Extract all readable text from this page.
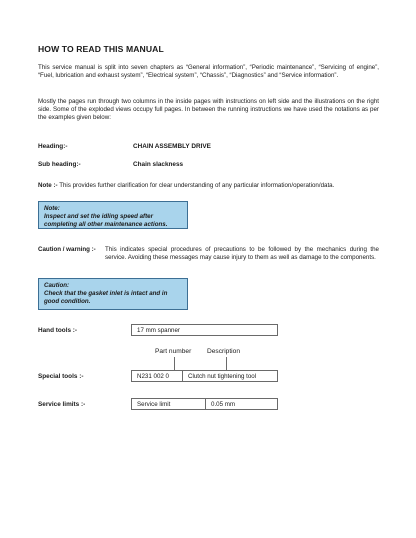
HOW TO READ THIS MANUAL

This service manual is split into seven chapters as “General information”, “Periodic maintenance”, “Servicing of engine”, “Fuel, lubrication and exhaust system”, “Electrical system”, “Chassis”, “Diagnostics” and “Service information”.

Mostly the pages run through two columns in the inside pages with instructions on left side and the illustrations on the right side. Some of the exploded views occupy full pages. In between the running instructions we have used the notations as per the examples given below:

Heading:-	CHAIN ASSEMBLY DRIVE
Sub heading:-	Chain slackness
Note :- This provides further clarification for clear understanding of any particular information/operation/data.
Note:
Inspect and set the idling speed after completing all other maintenance actions.
Caution / warning :- This indicates special procedures of precautions to be followed by the mechanics during the service. Avoiding these messages may cause injury to them as well as damage to the components.
Caution:
Check that the gasket inlet is intact and in good condition.
Hand tools :-	17 mm spanner
Part number Description
Special tools :-	N231 002 0	Clutch nut tightening tool
Service limits :-	Service limit	0.05 mm
